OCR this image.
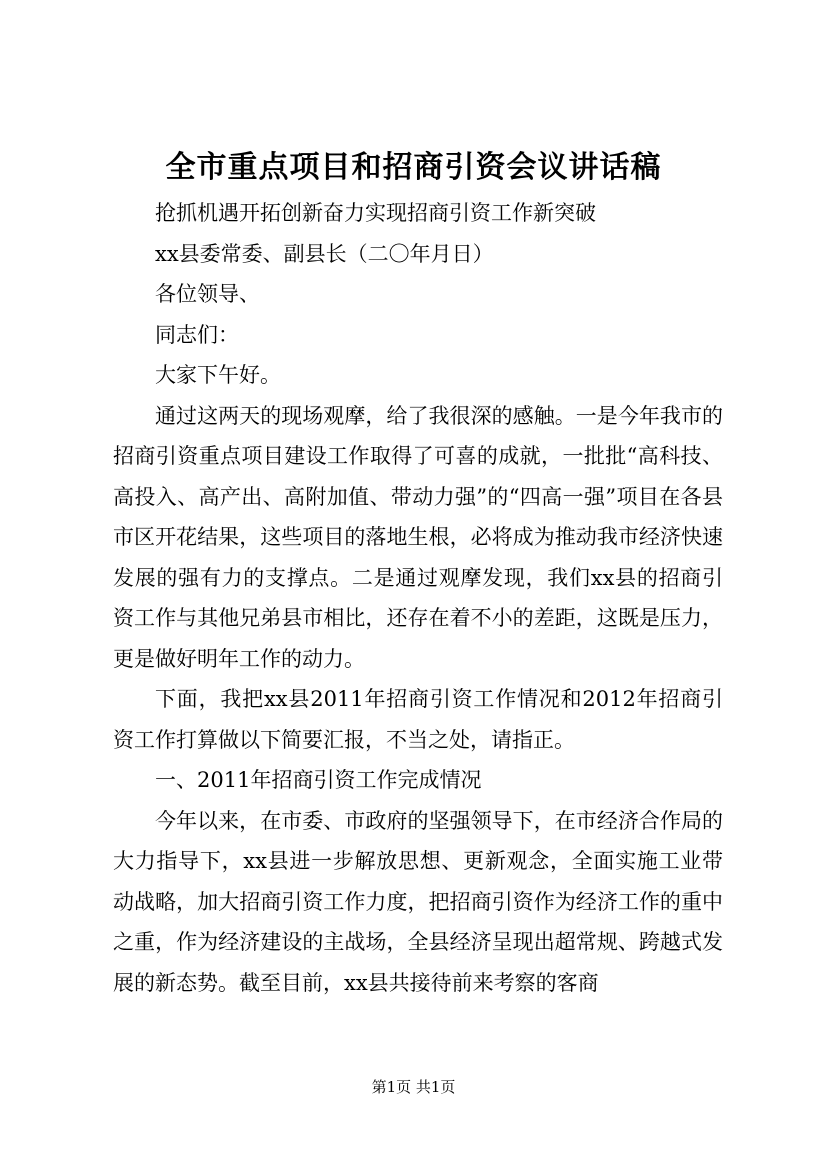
全市重点项目和招商引资会议讲话稿

抢抓机遇开拓创新奋力实现招商引资工作新突破

xx县委常委、副县长（二〇年月日）

各位领导、

同志们：

大家下午好。

通过这两天的现场观摩，给了我很深的感触。一是今年我市的招商引资重点项目建设工作取得了可喜的成就，一批批“高科技、高投入、高产出、高附加值、带动力强”的“四高一强”项目在各县市区开花结果，这些项目的落地生根，必将成为推动我市经济快速发展的强有力的支撑点。二是通过观摩发现，我们xx县的招商引资工作与其他兄弟县市相比，还存在着不小的差距，这既是压力，更是做好明年工作的动力。

下面，我把xx县2011年招商引资工作情况和2012年招商引资工作打算做以下简要汇报，不当之处，请指正。

一、2011年招商引资工作完成情况

今年以来，在市委、市政府的坚强领导下，在市经济合作局的大力指导下，xx县进一步解放思想、更新观念，全面实施工业带动战略，加大招商引资工作力度，把招商引资作为经济工作的重中之重，作为经济建设的主战场，全县经济呈现出超常规、跨越式发展的新态势。截至目前，xx县共接待前来考察的客商

第1页 共1页
